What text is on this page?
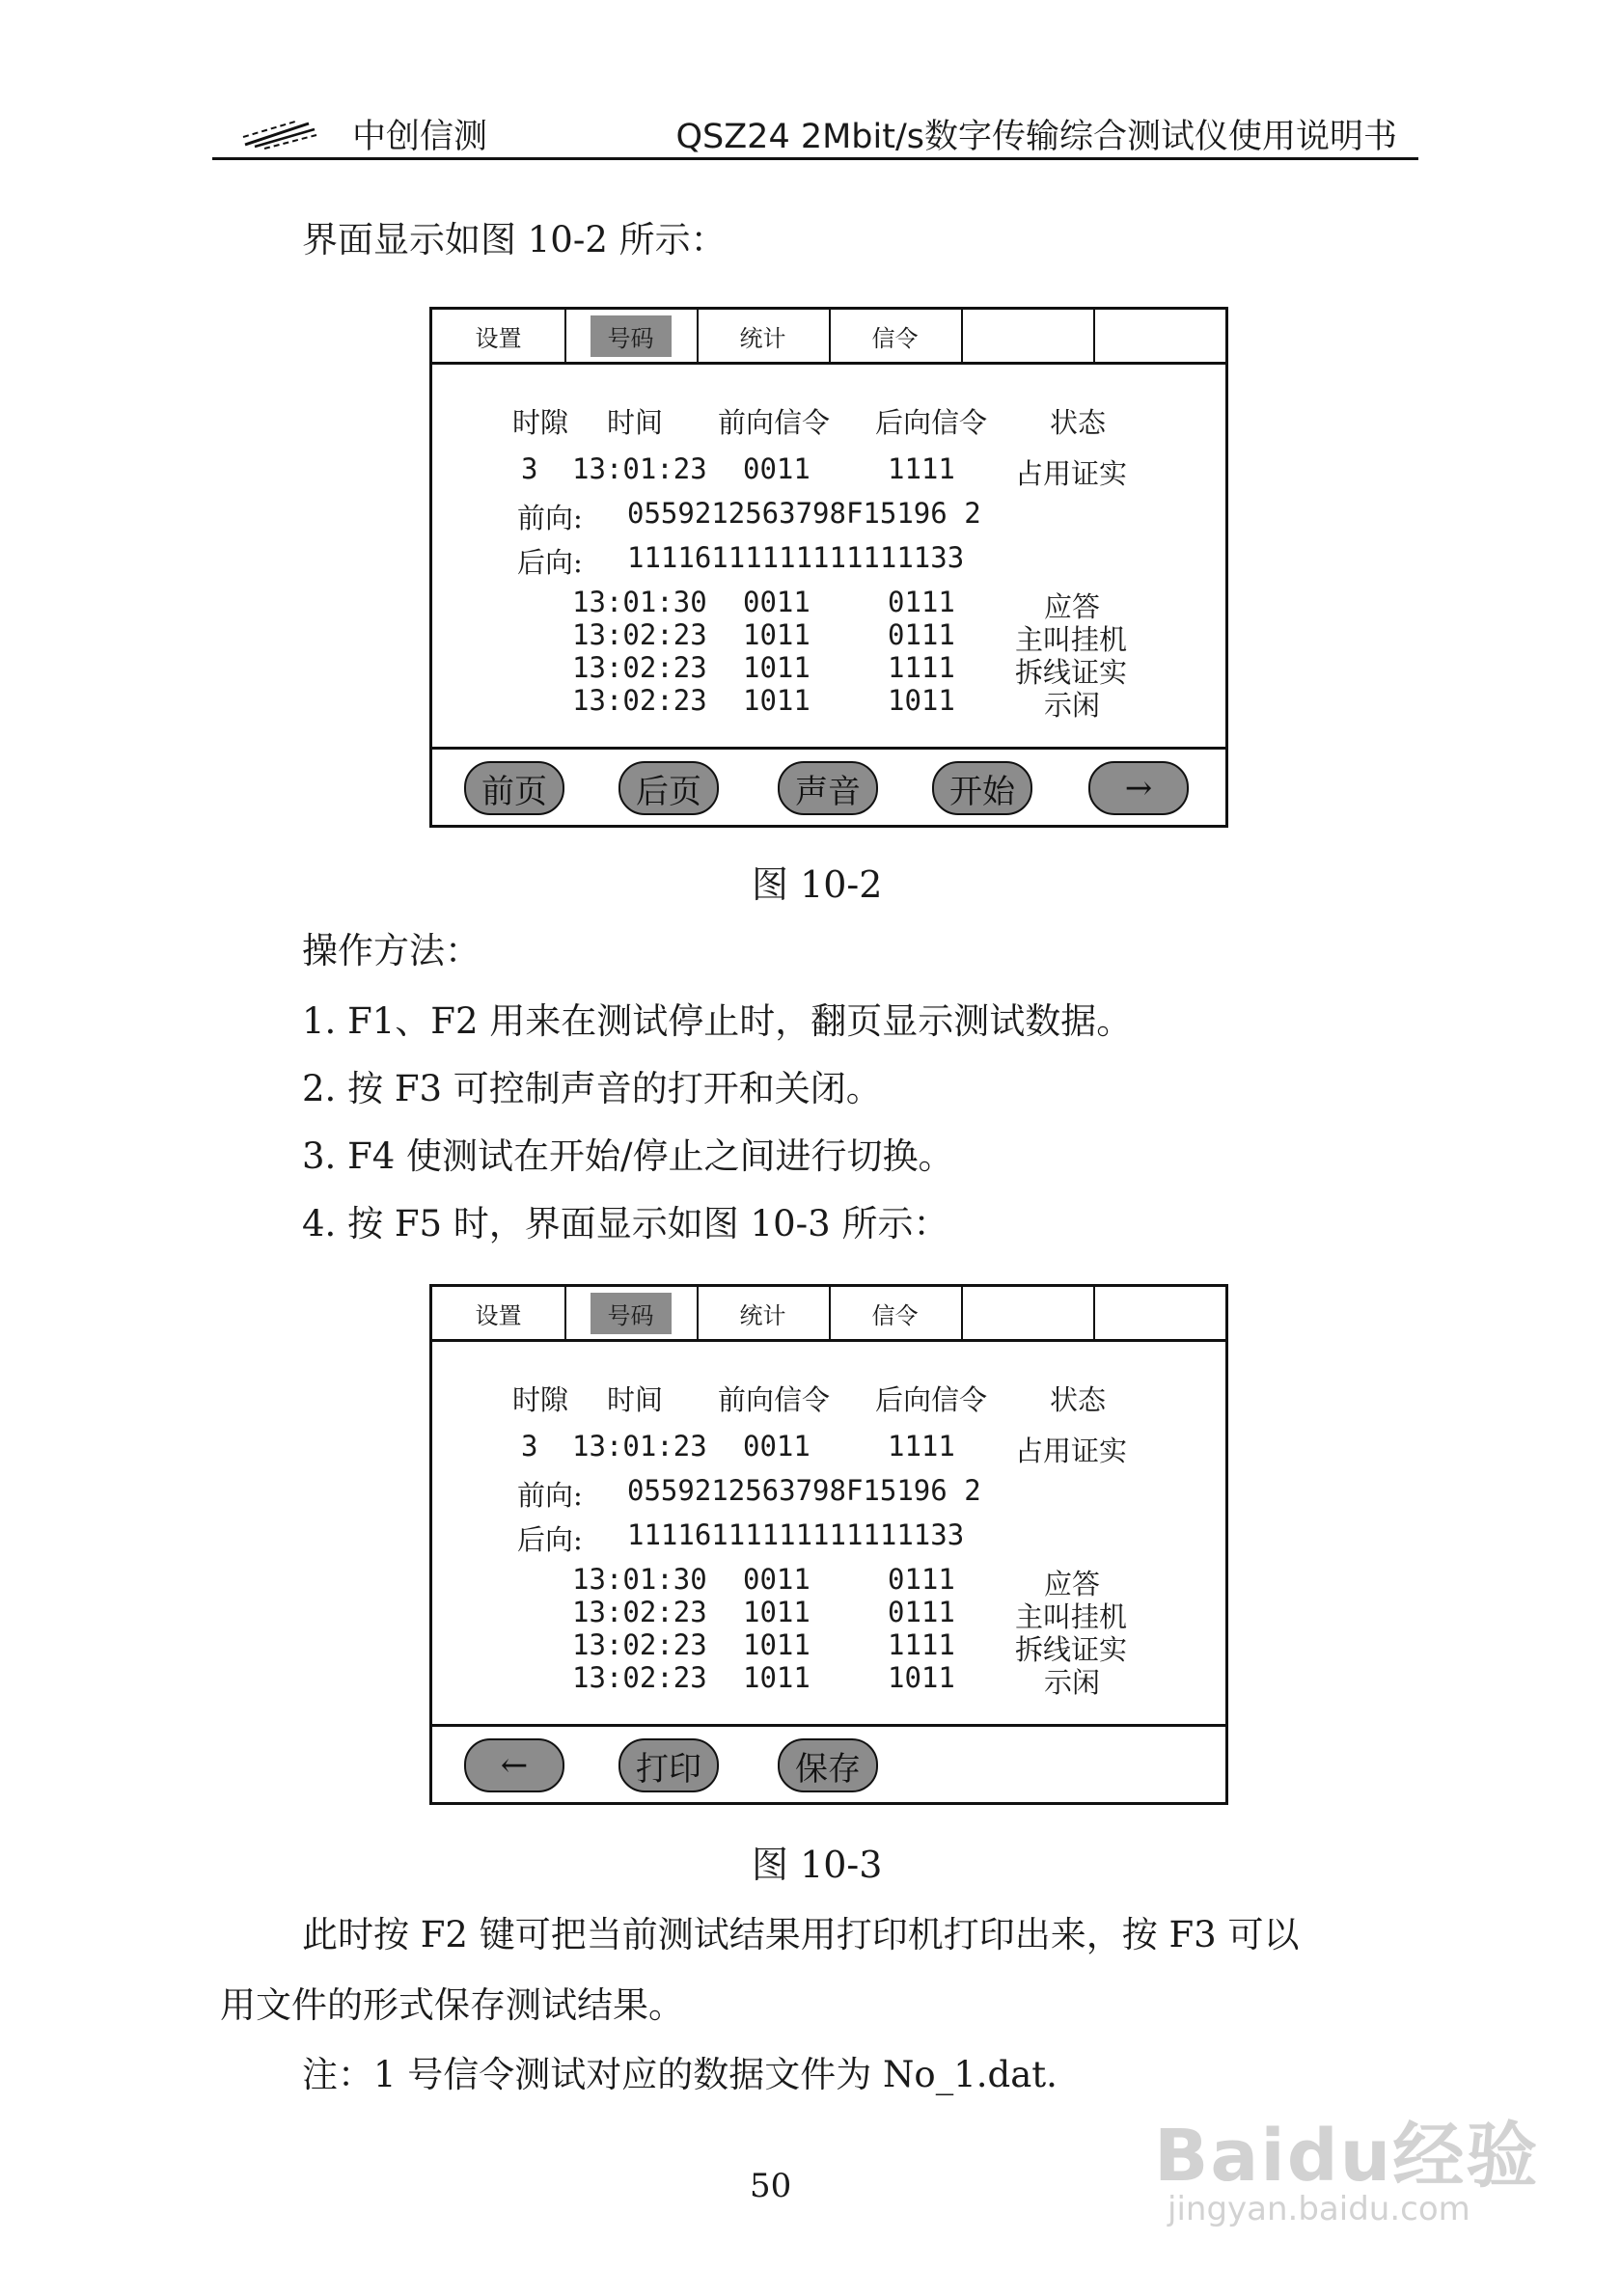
中创信测	QSZ24 2Mbit/s数字传输综合测试仪使用说明书
界面显示如图 10-2 所示：
设置	号码	统计	信令
时隙 时间 前向信令 后向信令 状态
3 13:01:23 0011	1111 占用证实
前向: 0559212563798F15196 2
后向: 11116111111111111133
13:01:30 0011	0111	应答
13:02:23 1011	0111 主叫挂机
13:02:23 1011	1111 拆线证实
13:02:23 1011	1011	示闲
前页	后页	声音	开始	→
图 10-2
操作方法：
1. F1、F2 用来在测试停止时，翻页显示测试数据。
2. 按 F3 可控制声音的打开和关闭。
3. F4 使测试在开始/停止之间进行切换。
4. 按 F5 时，界面显示如图 10-3 所示：
设置	号码	统计	信令
时隙 时间 前向信令 后向信令 状态
3 13:01:23 0011	1111 占用证实
前向: 0559212563798F15196 2
后向: 11116111111111111133
13:01:30 0011	0111	应答
13:02:23 1011	0111 主叫挂机
13:02:23 1011	1111 拆线证实
13:02:23 1011	1011	示闲
←	打印	保存
图 10-3
此时按 F2 键可把当前测试结果用打印机打印出来，按 F3 可以
用文件的形式保存测试结果。
注：1 号信令测试对应的数据文件为 No_1.dat.
50	Baidu经验
jingyan.baidu.com
